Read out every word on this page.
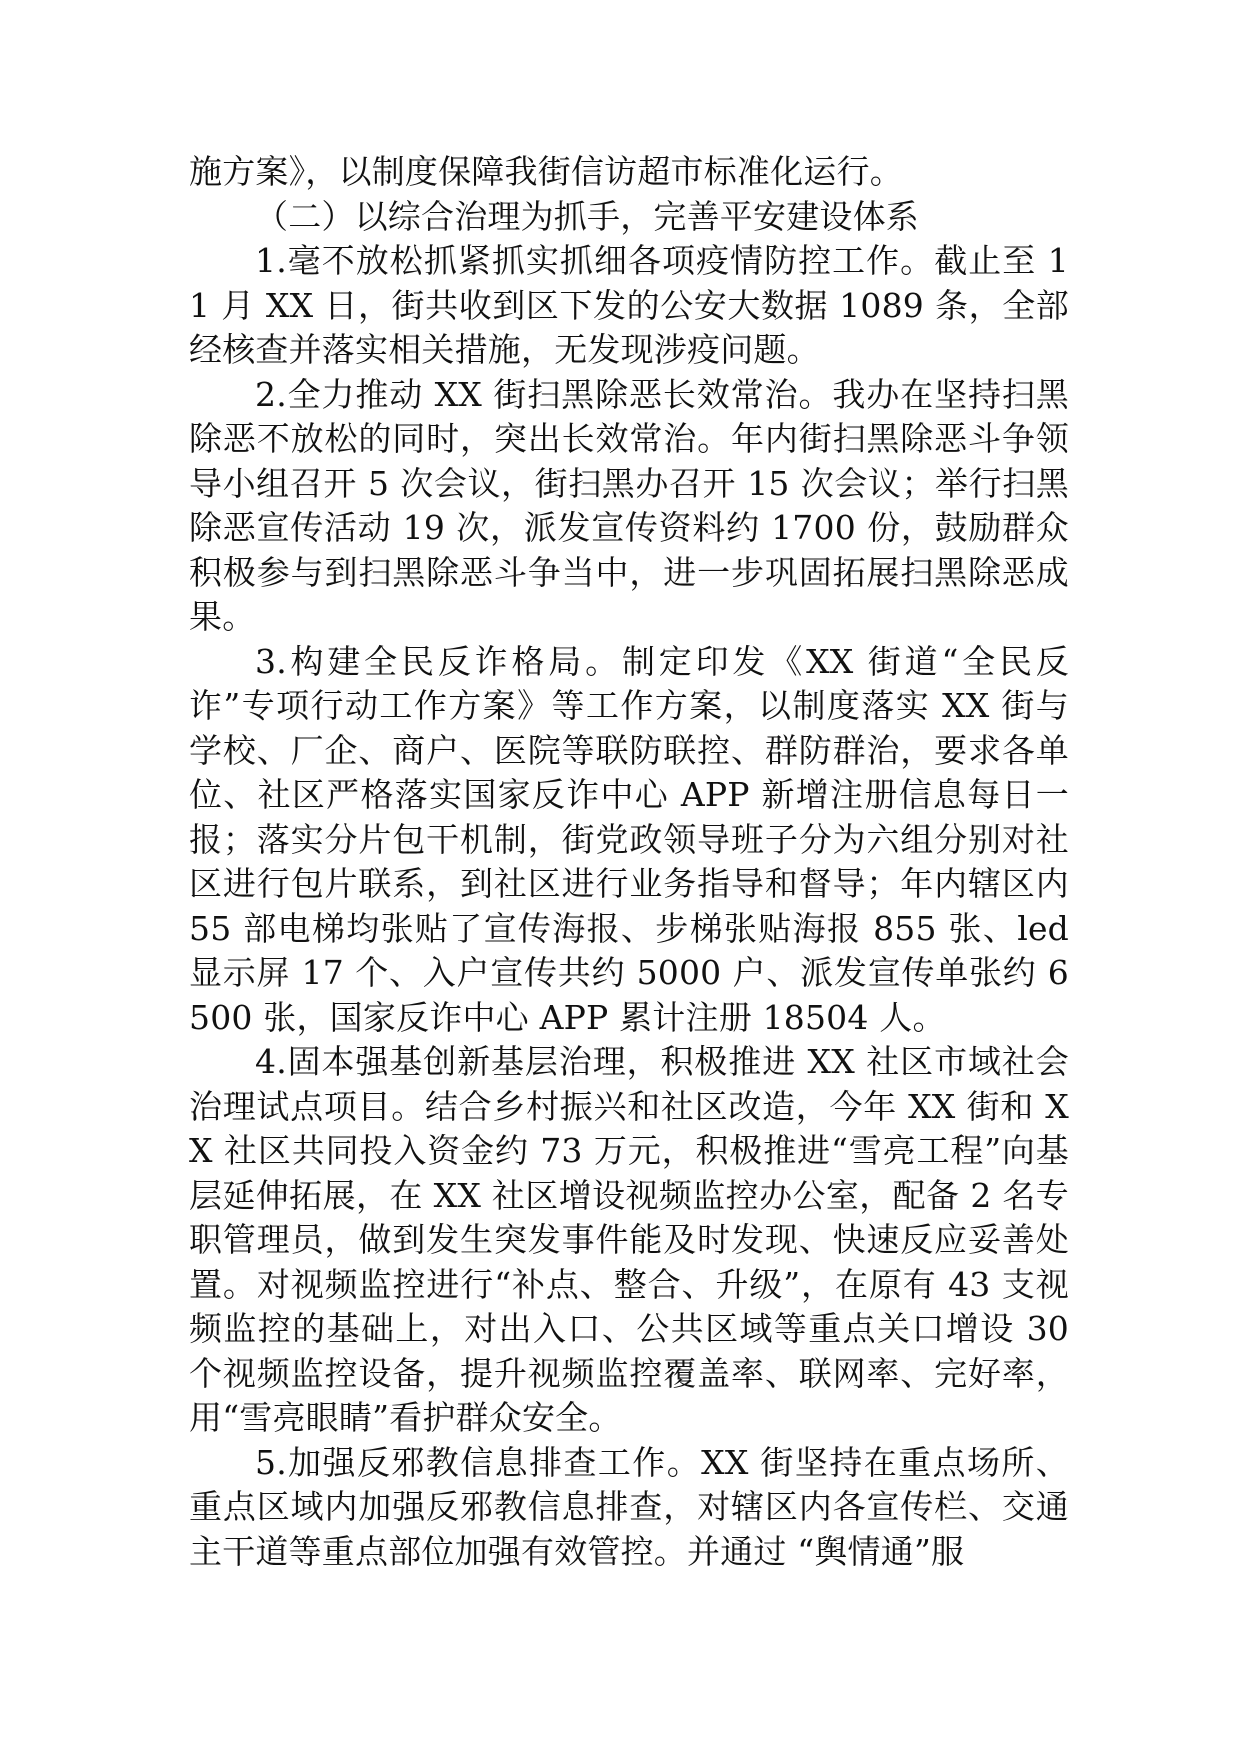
施方案》，以制度保障我街信访超市标准化运行。

（二）以综合治理为抓手，完善平安建设体系

1.毫不放松抓紧抓实抓细各项疫情防控工作。截止至 11 月 XX 日，街共收到区下发的公安大数据 1089 条，全部经核查并落实相关措施，无发现涉疫问题。

2.全力推动 XX 街扫黑除恶长效常治。我办在坚持扫黑除恶不放松的同时，突出长效常治。年内街扫黑除恶斗争领导小组召开 5 次会议，街扫黑办召开 15 次会议；举行扫黑除恶宣传活动 19 次，派发宣传资料约 1700 份，鼓励群众积极参与到扫黑除恶斗争当中，进一步巩固拓展扫黑除恶成果。

3.构建全民反诈格局。制定印发《XX 街道“全民反诈”专项行动工作方案》等工作方案，以制度落实 XX 街与学校、厂企、商户、医院等联防联控、群防群治，要求各单位、社区严格落实国家反诈中心 APP 新增注册信息每日一报；落实分片包干机制，街党政领导班子分为六组分别对社区进行包片联系，到社区进行业务指导和督导；年内辖区内 55 部电梯均张贴了宣传海报、步梯张贴海报 855 张、led 显示屏 17 个、入户宣传共约 5000 户、派发宣传单张约 6500 张，国家反诈中心 APP 累计注册 18504 人。

4.固本强基创新基层治理，积极推进 XX 社区市域社会治理试点项目。结合乡村振兴和社区改造，今年 XX 街和 XX 社区共同投入资金约 73 万元，积极推进“雪亮工程”向基层延伸拓展，在 XX 社区增设视频监控办公室，配备 2 名专职管理员，做到发生突发事件能及时发现、快速反应妥善处置。对视频监控进行“补点、整合、升级”，在原有 43 支视频监控的基础上，对出入口、公共区域等重点关口增设 30 个视频监控设备，提升视频监控覆盖率、联网率、完好率，用“雪亮眼睛”看护群众安全。

5.加强反邪教信息排查工作。XX 街坚持在重点场所、重点区域内加强反邪教信息排查，对辖区内各宣传栏、交通主干道等重点部位加强有效管控。并通过 “舆情通”服
